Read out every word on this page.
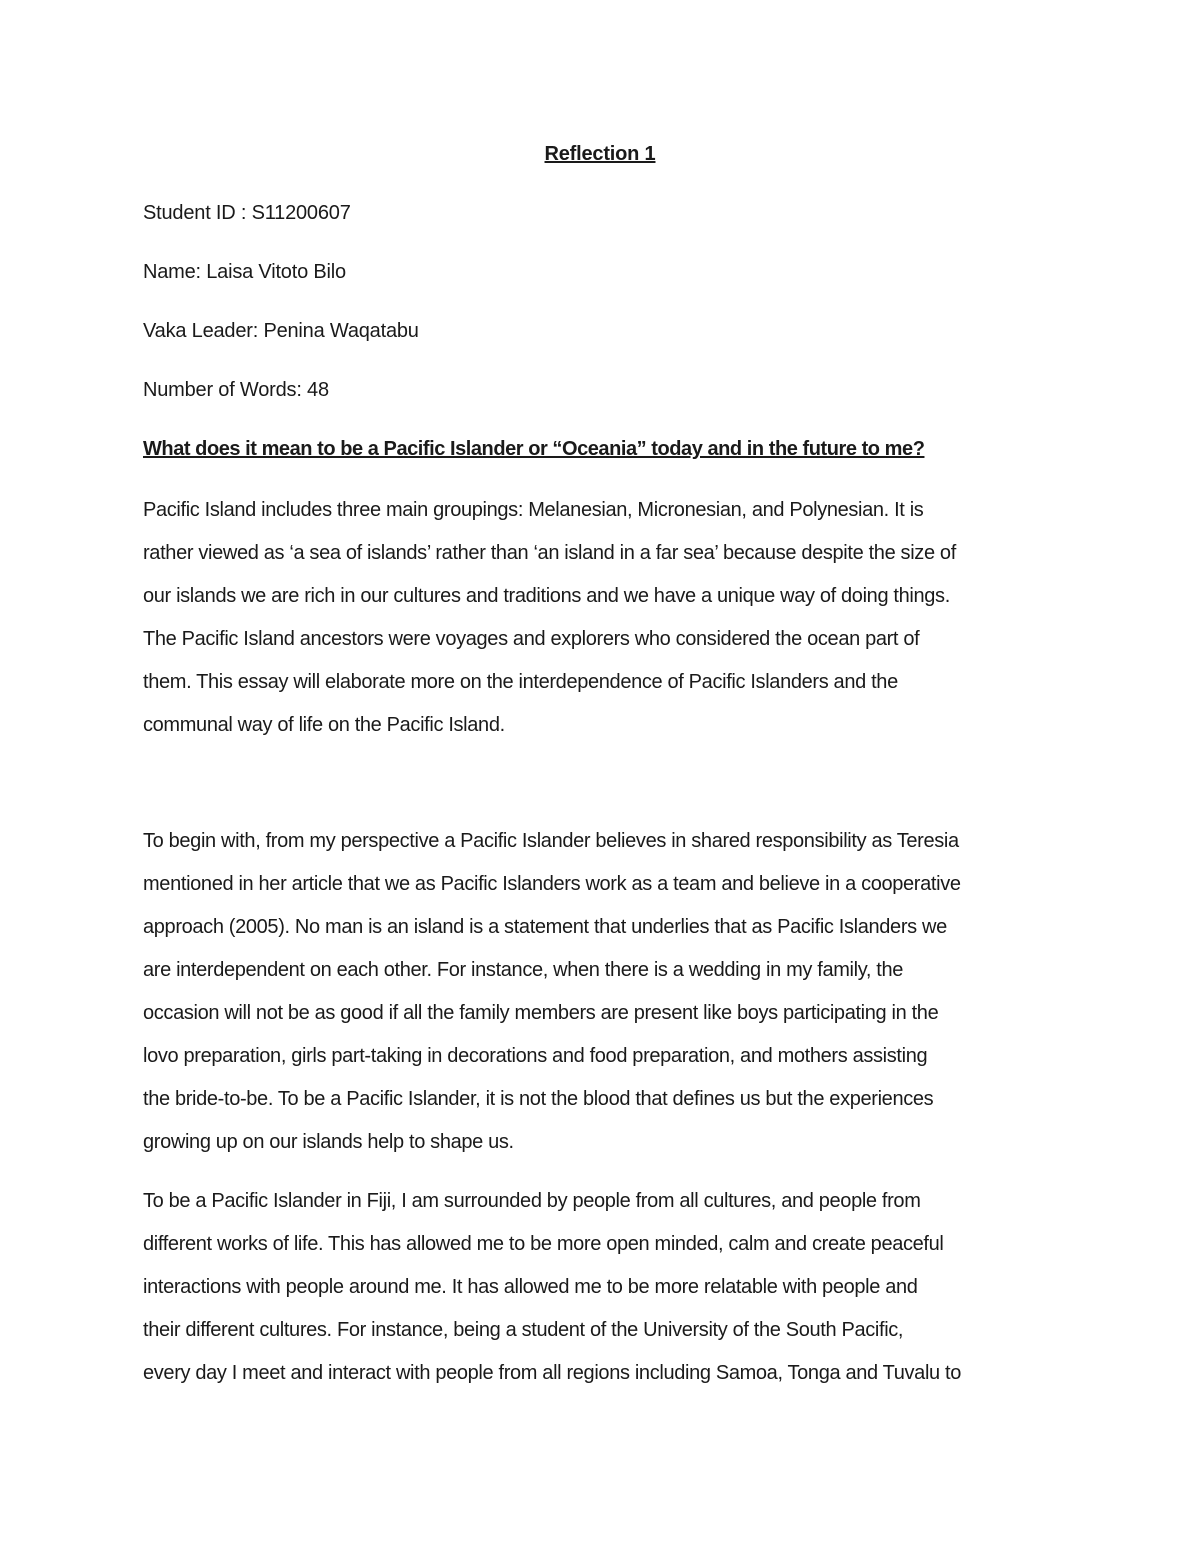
Reflection 1
Student ID : S11200607
Name: Laisa Vitoto Bilo
Vaka Leader: Penina Waqatabu
Number of Words: 48
What does it mean to be a Pacific Islander or “Oceania” today and in the future to me?
Pacific Island includes three main groupings: Melanesian, Micronesian, and Polynesian. It is
rather viewed as ‘a sea of islands’ rather than ‘an island in a far sea’ because despite the size of
our islands we are rich in our cultures and traditions and we have a unique way of doing things.
The Pacific Island ancestors were voyages and explorers who considered the ocean part of
them. This essay will elaborate more on the interdependence of Pacific Islanders and the
communal way of life on the Pacific Island.
To begin with, from my perspective a Pacific Islander believes in shared responsibility as Teresia
mentioned in her article that we as Pacific Islanders work as a team and believe in a cooperative
approach (2005). No man is an island is a statement that underlies that as Pacific Islanders we
are interdependent on each other. For instance, when there is a wedding in my family, the
occasion will not be as good if all the family members are present like boys participating in the
lovo preparation, girls part-taking in decorations and food preparation, and mothers assisting
the bride-to-be. To be a Pacific Islander, it is not the blood that defines us but the experiences
growing up on our islands help to shape us.
To be a Pacific Islander in Fiji, I am surrounded by people from all cultures, and people from
different works of life. This has allowed me to be more open minded, calm and create peaceful
interactions with people around me. It has allowed me to be more relatable with people and
their different cultures. For instance, being a student of the University of the South Pacific,
every day I meet and interact with people from all regions including Samoa, Tonga and Tuvalu to
